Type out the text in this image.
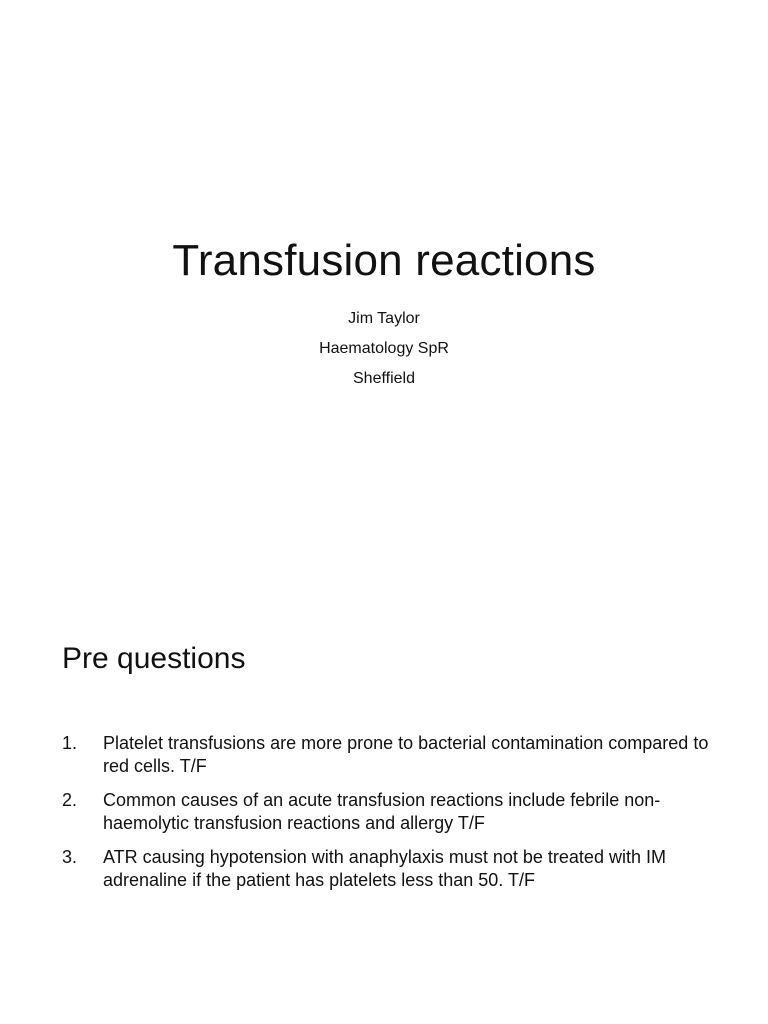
Transfusion reactions
Jim Taylor
Haematology SpR
Sheffield
Pre questions
1.	Platelet transfusions are more prone to bacterial contamination compared to red cells. T/F
2.	Common causes of an acute transfusion reactions include febrile non-haemolytic transfusion reactions and allergy T/F
3.	ATR causing hypotension with anaphylaxis must not be treated with IM adrenaline if the patient has platelets less than 50. T/F
